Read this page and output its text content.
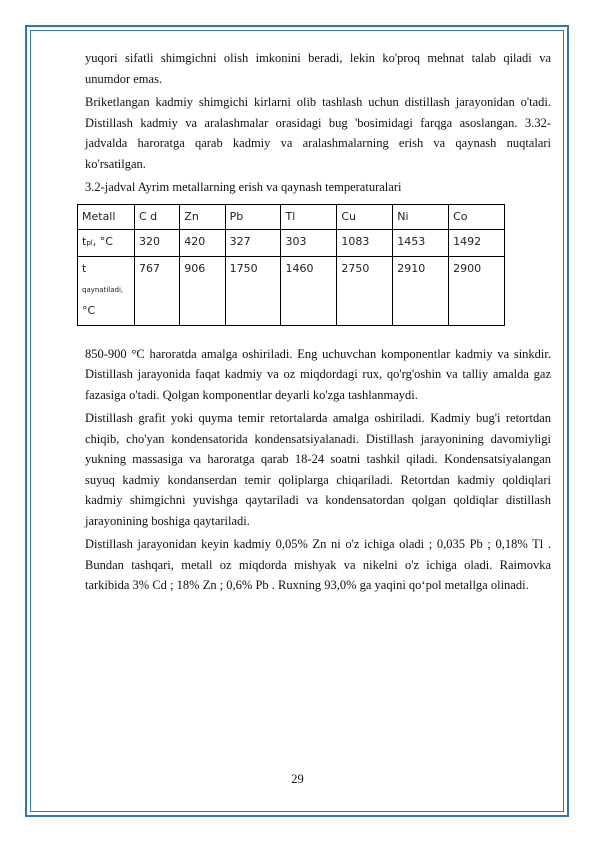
yuqori sifatli shimgichni olish imkonini beradi, lekin ko'proq mehnat talab qiladi va unumdor emas.

Briketlangan kadmiy shimgichi kirlarni olib tashlash uchun distillash jarayonidan o'tadi. Distillash kadmiy va aralashmalar orasidagi bug 'bosimidagi farqga asoslangan. 3.32-jadvalda haroratga qarab kadmiy va aralashmalarning erish va qaynash nuqtalari ko'rsatilgan.

3.2-jadval Ayrim metallarning erish va qaynash temperaturalari

Metall	C d	Zn	Pb	Tl	Cu	Ni	Co
tpl, °C	320	420	327	303	1083	1453	1492
t
qaynatiladi,
°C	767	906	1750	1460	2750	2910	2900

850-900 °C haroratda amalga oshiriladi. Eng uchuvchan komponentlar kadmiy va sinkdir. Distillash jarayonida faqat kadmiy va oz miqdordagi rux, qo'rg'oshin va talliy amalda gaz fazasiga o'tadi. Qolgan komponentlar deyarli ko'zga tashlanmaydi.

Distillash grafit yoki quyma temir retortalarda amalga oshiriladi. Kadmiy bug'i retortdan chiqib, cho'yan kondensatorida kondensatsiyalanadi. Distillash jarayonining davomiyligi yukning massasiga va haroratga qarab 18-24 soatni tashkil qiladi. Kondensatsiyalangan suyuq kadmiy kondanserdan temir qoliplarga chiqariladi. Retortdan kadmiy qoldiqlari kadmiy shimgichni yuvishga qaytariladi va kondensatordan qolgan qoldiqlar distillash jarayonining boshiga qaytariladi.

Distillash jarayonidan keyin kadmiy 0,05% Zn ni o'z ichiga oladi ; 0,035 Pb ; 0,18% Tl . Bundan tashqari, metall oz miqdorda mishyak va nikelni o'z ichiga oladi. Raimovka tarkibida 3% Cd ; 18% Zn ; 0,6% Pb . Ruxning 93,0% ga yaqini qo‘pol metallga olinadi.

29
